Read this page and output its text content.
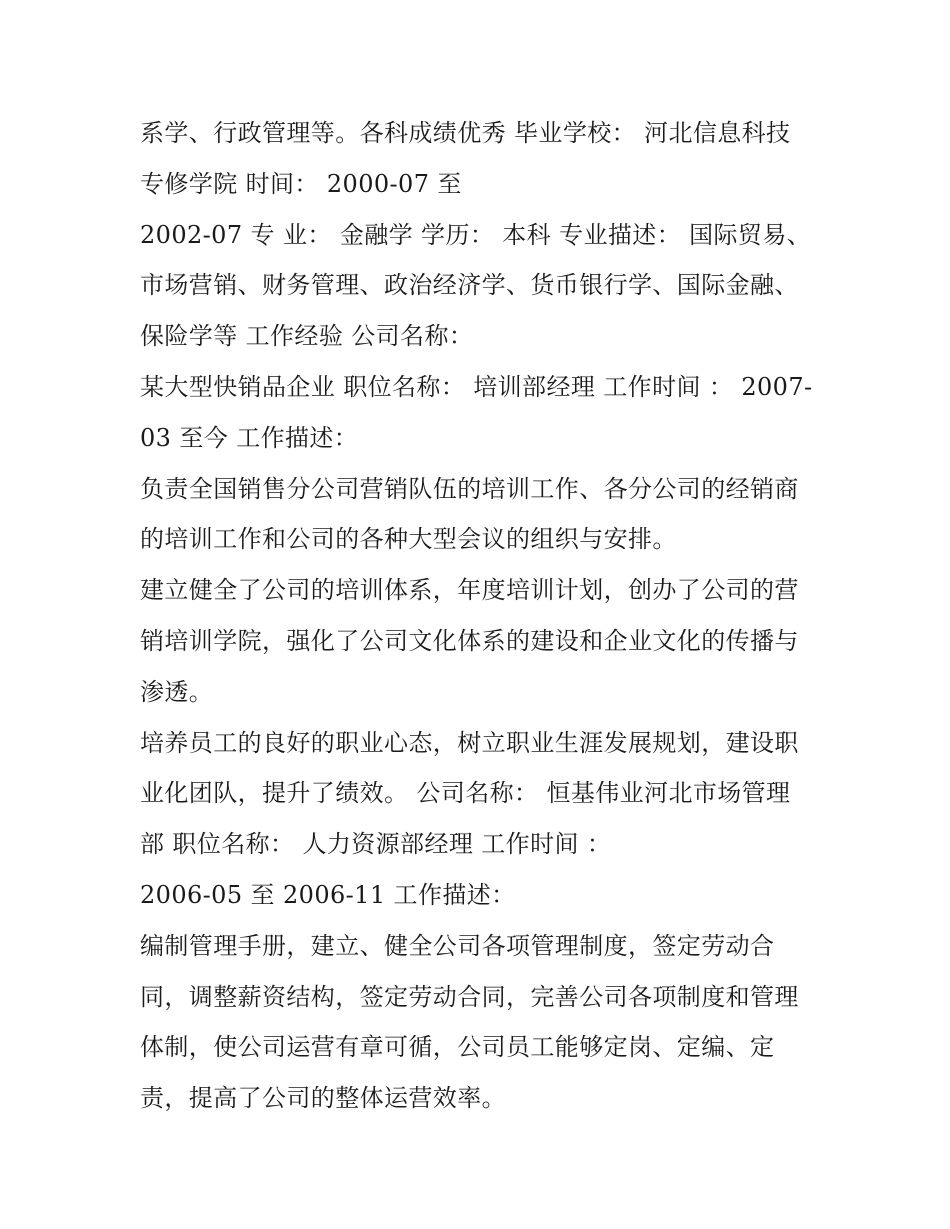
系学、行政管理等。各科成绩优秀 毕业学校： 河北信息科技
专修学院 时间： 2000-07 至
2002-07 专 业： 金融学 学历： 本科 专业描述： 国际贸易、
市场营销、财务管理、政治经济学、货币银行学、国际金融、
保险学等 工作经验 公司名称：
某大型快销品企业 职位名称： 培训部经理 工作时间 ： 2007-
03 至今 工作描述：
负责全国销售分公司营销队伍的培训工作、各分公司的经销商
的培训工作和公司的各种大型会议的组织与安排。
建立健全了公司的培训体系，年度培训计划，创办了公司的营
销培训学院，强化了公司文化体系的建设和企业文化的传播与
渗透。
培养员工的良好的职业心态，树立职业生涯发展规划，建设职
业化团队，提升了绩效。 公司名称： 恒基伟业河北市场管理
部 职位名称： 人力资源部经理 工作时间 ：
2006-05 至 2006-11 工作描述：
编制管理手册，建立、健全公司各项管理制度，签定劳动合
同，调整薪资结构，签定劳动合同，完善公司各项制度和管理
体制，使公司运营有章可循，公司员工能够定岗、定编、定
责，提高了公司的整体运营效率。
